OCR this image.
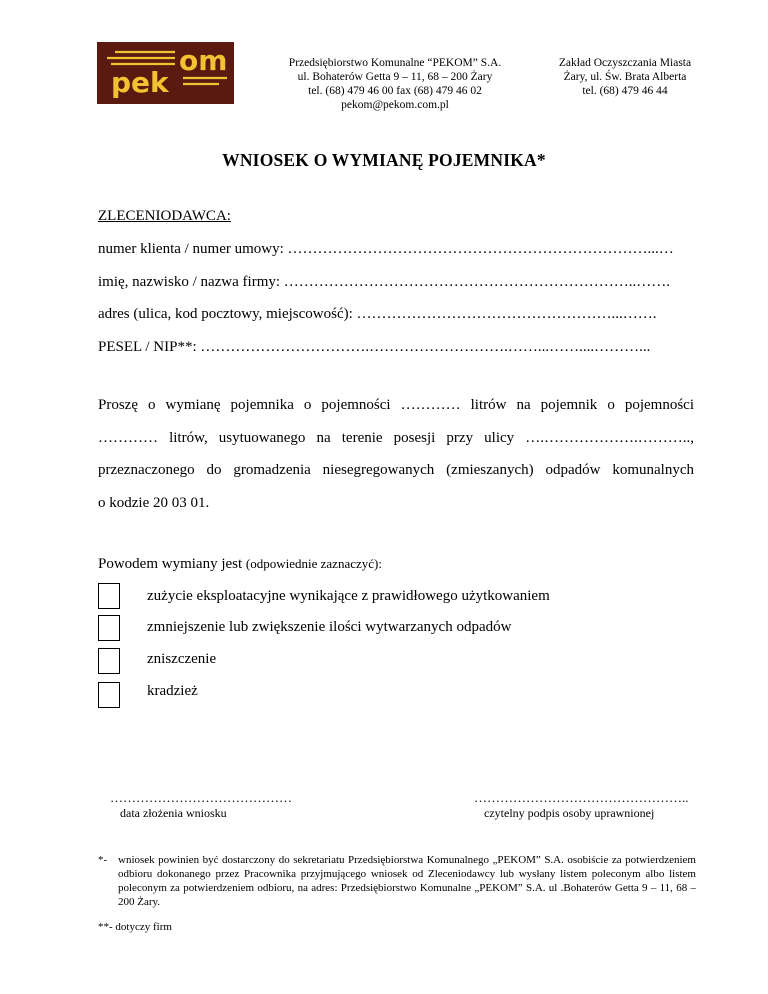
om
pek
Przedsiębiorstwo Komunalne “PEKOM” S.A.
ul. Bohaterów Getta 9 – 11, 68 – 200 Żary
tel. (68) 479 46 00 fax (68) 479 46 02
pekom@pekom.com.pl
Zakład Oczyszczania Miasta
Żary, ul. Św. Brata Alberta
tel. (68) 479 46 44
WNIOSEK O WYMIANĘ POJEMNIKA*
ZLECENIODAWCA:
numer klienta / numer umowy: ………………………………………………………………...…
imię, nazwisko / nazwa firmy: ……………………………………………………………..…….
adres (ulica, kod pocztowy, miejscowość): ……………………………………………...…….
PESEL / NIP**: …………………………….……………………….……...……....………...
Proszę o wymianę pojemnika o pojemności ………… litrów na pojemnik o pojemności
………… litrów, usytuowanego na terenie posesji przy ulicy ….……………….………..,
przeznaczonego do gromadzenia niesegregowanych (zmieszanych) odpadów komunalnych
o kodzie 20 03 01.
Powodem wymiany jest (odpowiednie zaznaczyć):
zużycie eksploatacyjne wynikające z prawidłowego użytkowaniem
zmniejszenie lub zwiększenie ilości wytwarzanych odpadów
zniszczenie
kradzież
……………………………………
data złożenia wniosku
…………………………………………..
czytelny podpis osoby uprawnionej
*- wniosek powinien być dostarczony do sekretariatu Przedsiębiorstwa Komunalnego „PEKOM” S.A. osobiście za potwierdzeniem odbioru dokonanego przez Pracownika przyjmującego wniosek od Zleceniodawcy lub wysłany listem poleconym albo listem poleconym za potwierdzeniem odbioru, na adres: Przedsiębiorstwo Komunalne „PEKOM” S.A. ul .Bohaterów Getta 9 – 11, 68 – 200 Żary.
**- dotyczy firm
